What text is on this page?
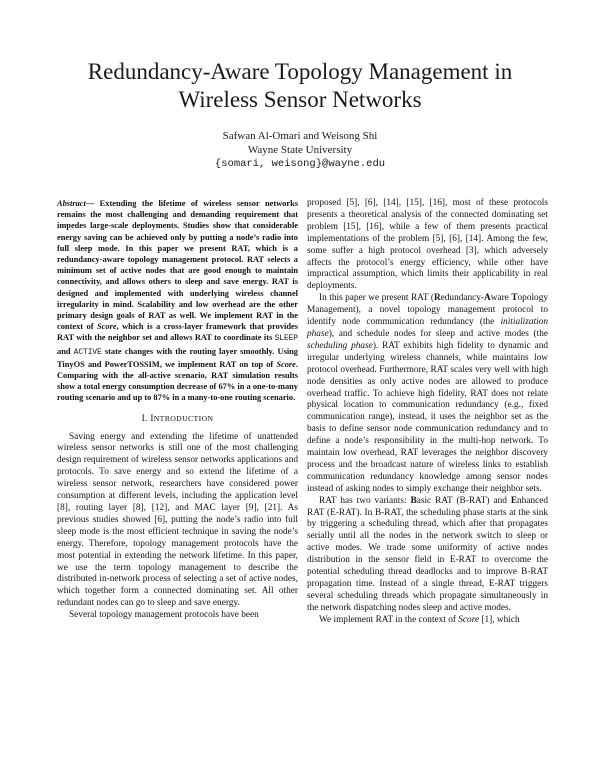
Redundancy-Aware Topology Management in
Wireless Sensor Networks
Safwan Al-Omari and Weisong Shi
Wayne State University
{somari, weisong}@wayne.edu
Abstract— Extending the lifetime of wireless sensor networks remains the most challenging and demanding requirement that impedes large-scale deployments. Studies show that considerable energy saving can be achieved only by putting a node’s radio into full sleep mode. In this paper we present RAT, which is a redundancy-aware topology management protocol. RAT selects a minimum set of active nodes that are good enough to maintain connectivity, and allows others to sleep and save energy. RAT is designed and implemented with underlying wireless channel irregularity in mind. Scalability and low overhead are the other primary design goals of RAT as well. We implement RAT in the context of Score, which is a cross-layer framework that provides RAT with the neighbor set and allows RAT to coordinate its SLEEP and ACTIVE state changes with the routing layer smoothly. Using TinyOS and PowerTOSSIM, we implement RAT on top of Score. Comparing with the all-active scenario, RAT simulation results show a total energy consumption decrease of 67% in a one-to-many routing scenario and up to 87% in a many-to-one routing scenario.
I. INTRODUCTION

Saving energy and extending the lifetime of unattended wireless sensor networks is still one of the most challenging design requirement of wireless sensor networks applications and protocols. To save energy and so extend the lifetime of a wireless sensor network, researchers have considered power consumption at different levels, including the application level [8], routing layer [8], [12], and MAC layer [9], [21]. As previous studies showed [6], putting the node’s radio into full sleep mode is the most efficient technique in saving the node’s energy. Therefore, topology management protocols have the most potential in extending the network lifetime. In this paper, we use the term topology management to describe the distributed in-network process of selecting a set of active nodes, which together form a connected dominating set. All other redundant nodes can go to sleep and save energy.

Several topology management protocols have been

proposed [5], [6], [14], [15], [16], most of these protocols presents a theoretical analysis of the connected dominating set problem [15], [16], while a few of them presents practical implementations of the problem [5], [6], [14]. Among the few, some suffer a high protocol overhead [3], which adversely affects the protocol’s energy efficiency, while other have impractical assumption, which limits their applicability in real deployments.

In this paper we present RAT (Redundancy-Aware Topology Management), a novel topology management protocol to identify node communication redundancy (the initialization phase), and schedule nodes for sleep and active modes (the scheduling phase). RAT exhibits high fidelity to dynamic and irregular underlying wireless channels, while maintains low protocol overhead. Furthermore, RAT scales very well with high node densities as only active nodes are allowed to produce overhead traffic. To achieve high fidelity, RAT does not relate physical location to communication redundancy (e.g., fixed communication range), instead, it uses the neighbor set as the basis to define sensor node communication redundancy and to define a node’s responsibility in the multi-hop network. To maintain low overhead, RAT leverages the neighbor discovery process and the broadcast nature of wireless links to establish communication redundancy knowledge among sensor nodes instead of asking nodes to simply exchange their neighbor sets.

RAT has two variants: Basic RAT (B-RAT) and Enhanced RAT (E-RAT). In B-RAT, the scheduling phase starts at the sink by triggering a scheduling thread, which after that propagates serially until all the nodes in the network switch to sleep or active modes. We trade some uniformity of active nodes distribution in the sensor field in E-RAT to overcome the potential scheduling thread deadlocks and to improve B-RAT propagation time. Instead of a single thread, E-RAT triggers several scheduling threads which propagate simultaneously in the network dispatching nodes sleep and active modes.

We implement RAT in the context of Score [1], which
